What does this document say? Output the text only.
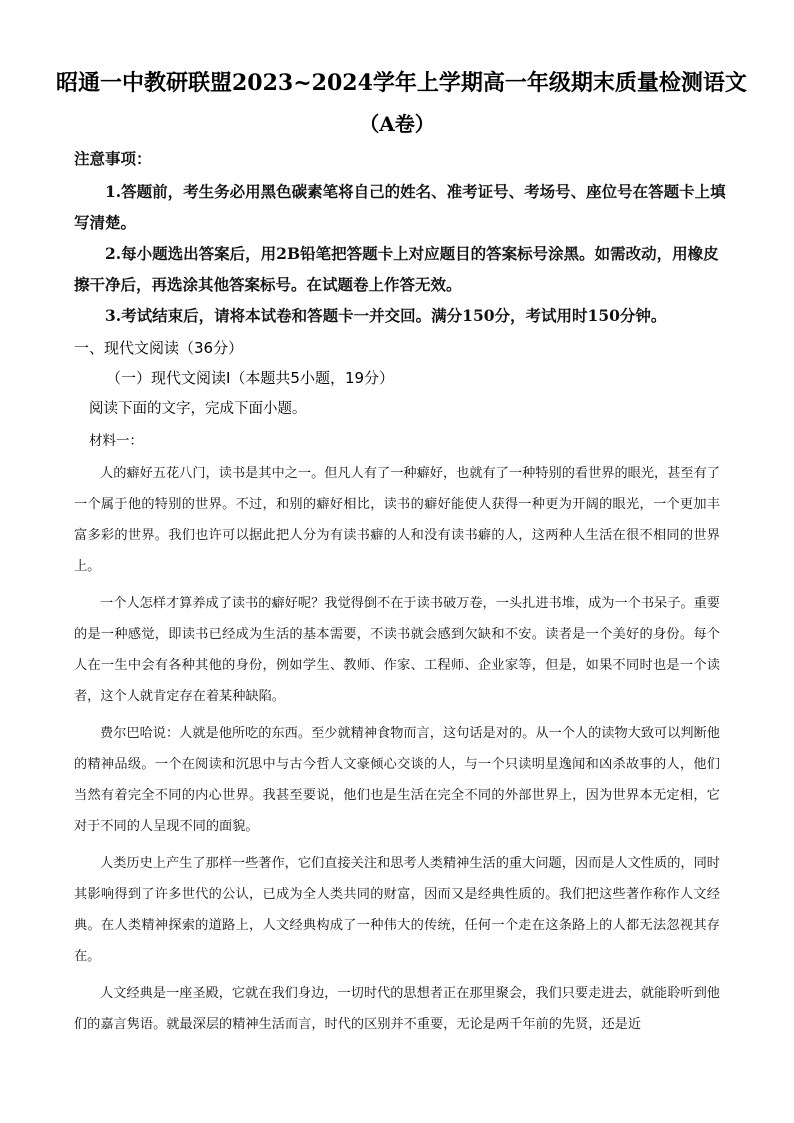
昭通一中教研联盟2023~2024学年上学期高一年级期末质量检测语文
（A卷）
注意事项：

1.答题前，考生务必用黑色碳素笔将自己的姓名、准考证号、考场号、座位号在答题卡上填写清楚。

2.每小题选出答案后，用2B铅笔把答题卡上对应题目的答案标号涂黑。如需改动，用橡皮擦干净后，再选涂其他答案标号。在试题卷上作答无效。

3.考试结束后，请将本试卷和答题卡一并交回。满分150分，考试用时150分钟。

一、现代文阅读（36分）
（一）现代文阅读Ⅰ（本题共5小题，19分）
阅读下面的文字，完成下面小题。
材料一：

人的癖好五花八门，读书是其中之一。但凡人有了一种癖好，也就有了一种特别的看世界的眼光，甚至有了一个属于他的特别的世界。不过，和别的癖好相比，读书的癖好能使人获得一种更为开阔的眼光，一个更加丰富多彩的世界。我们也许可以据此把人分为有读书癖的人和没有读书癖的人，这两种人生活在很不相同的世界上。

一个人怎样才算养成了读书的癖好呢？我觉得倒不在于读书破万卷，一头扎进书堆，成为一个书呆子。重要的是一种感觉，即读书已经成为生活的基本需要，不读书就会感到欠缺和不安。读者是一个美好的身份。每个人在一生中会有各种其他的身份，例如学生、教师、作家、工程师、企业家等，但是，如果不同时也是一个读者，这个人就肯定存在着某种缺陷。

费尔巴哈说：人就是他所吃的东西。至少就精神食物而言，这句话是对的。从一个人的读物大致可以判断他的精神品级。一个在阅读和沉思中与古今哲人文豪倾心交谈的人，与一个只读明星逸闻和凶杀故事的人，他们当然有着完全不同的内心世界。我甚至要说，他们也是生活在完全不同的外部世界上，因为世界本无定相，它对于不同的人呈现不同的面貌。

人类历史上产生了那样一些著作，它们直接关注和思考人类精神生活的重大问题，因而是人文性质的，同时其影响得到了许多世代的公认，已成为全人类共同的财富，因而又是经典性质的。我们把这些著作称作人文经典。在人类精神探索的道路上，人文经典构成了一种伟大的传统，任何一个走在这条路上的人都无法忽视其存在。

人文经典是一座圣殿，它就在我们身边，一切时代的思想者正在那里聚会，我们只要走进去，就能聆听到他们的嘉言隽语。就最深层的精神生活而言，时代的区别并不重要，无论是两千年前的先贤，还是近
